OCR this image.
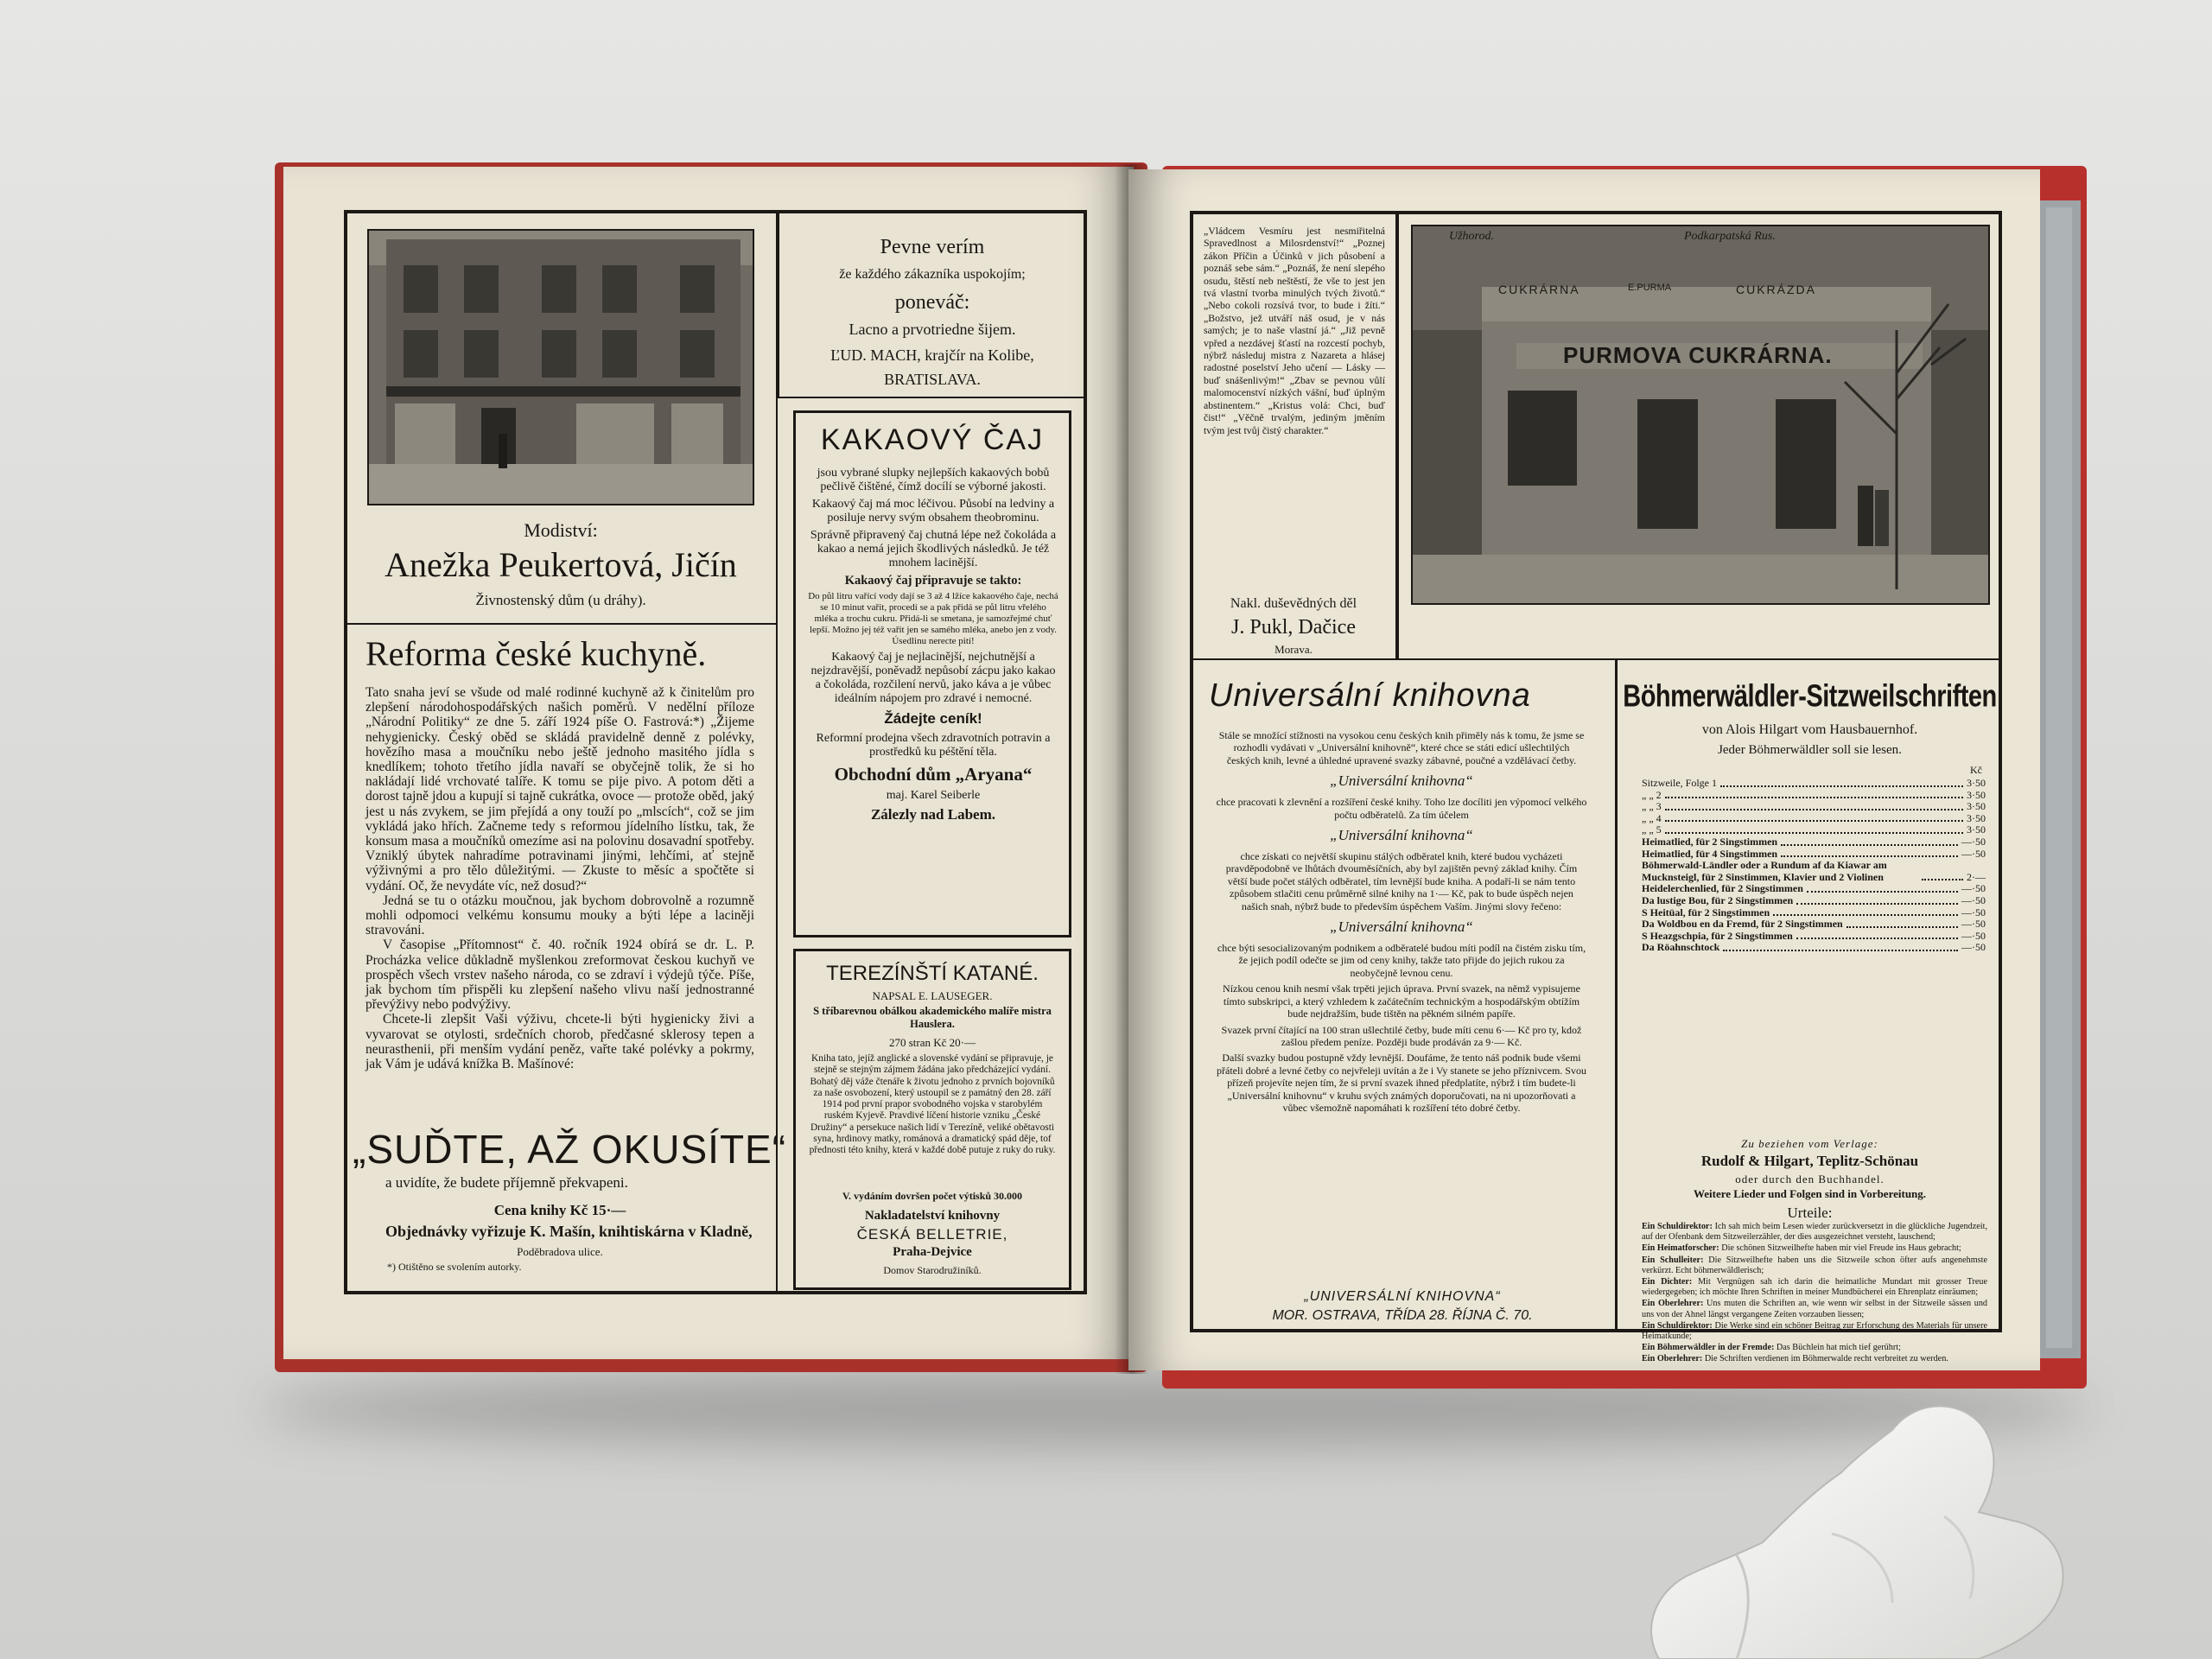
Modiství:
Anežka Peukertová, Jičín
Živnostenský dům (u dráhy).
Pevne verím
že každého zákazníka uspokojím;
poneváč:
Lacno a prvotriedne šijem.
ĽUD. MACH, krajčír na Kolibe,
BRATISLAVA.
KAKAOVÝ ČAJ

jsou vybrané slupky nejlepších kakaových bobů pečlivě čištěné, čímž docílí se výborné jakosti.

Kakaový čaj má moc léčivou. Působí na ledviny a posiluje nervy svým obsahem theobrominu.

Správně připravený čaj chutná lépe než čokoláda a kakao a nemá jejich škodlivých následků. Je též mnohem lacinější.

Kakaový čaj připravuje se takto:

Do půl litru vařící vody dají se 3 až 4 lžíce kakaového čaje, nechá se 10 minut vařit, procedí se a pak přidá se půl litru vřelého mléka a trochu cukru. Přidá-li se smetana, je samozřejmé chuť lepší. Možno jej též vařit jen se samého mléka, anebo jen z vody. Úsedlinu nerecte pití!

Kakaový čaj je nejlacinější, nejchutnější a nejzdravější, poněvadž nepůsobí zácpu jako kakao a čokoláda, rozčilení nervů, jako káva a je vůbec ideálním nápojem pro zdravé i nemocné.

Žádejte ceník!

Reformní prodejna všech zdravotních potravin a prostředků ku péštění těla.

Obchodní dům „Aryana“

maj. Karel Seiberle

Zálezly nad Labem.

Reforma české kuchyně.

Tato snaha jeví se všude od malé rodinné kuchyně až k činitelům pro zlepšení národohospodářských našich poměrů. V nedělní příloze „Národní Politiky“ ze dne 5. září 1924 píše O. Fastrová:*) „Žijeme nehygienicky. Český oběd se skládá pravidelně denně z polévky, hovězího masa a moučníku nebo ještě jednoho masitého jídla s knedlíkem; tohoto třetího jídla navaří se obyčejně tolik, že si ho nakládají lidé vrchovaté talíře. K tomu se pije pivo. A potom děti a dorost tajně jdou a kupují si tajně cukrátka, ovoce — protože oběd, jaký jest u nás zvykem, se jim přejídá a ony touží po „mlscích“, což se jim vykládá jako hřích. Začneme tedy s reformou jídelního lístku, tak, že konsum masa a moučníků omezíme asi na polovinu dosavadní spotřeby. Vzniklý úbytek nahradíme potravinami jinými, lehčími, ať stejně výživnými a pro tělo důležitými. — Zkuste to měsíc a spočtěte si vydání. Oč, že nevydáte víc, než dosud?“

Jedná se tu o otázku moučnou, jak bychom dobrovolně a rozumně mohli odpomoci velkému konsumu mouky a býti lépe a laciněji stravováni.

V časopise „Přítomnost“ č. 40. ročník 1924 obírá se dr. L. P. Procházka velice důkladně myšlenkou zreformovat českou kuchyň ve prospěch všech vrstev našeho národa, co se zdraví i výdejů týče. Píše, jak bychom tím přispěli ku zlepšení našeho vlivu naší jednostranné převýživy nebo podvýživy.

Chcete-li zlepšit Vaši výživu, chcete-li býti hygienicky živi a vyvarovat se otylosti, srdečních chorob, předčasné sklerosy tepen a neurasthenii, při menším vydání peněz, vařte také polévky a pokrmy, jak Vám je udává knížka B. Mašínové:

„SUĎTE, AŽ OKUSÍTE“
a uvidíte, že budete příjemně překvapeni.
Cena knihy Kč 15·—
Objednávky vyřizuje K. Mašín, knihtiskárna v Kladně,
Poděbradova ulice.
*) Otištěno se svolením autorky.
TEREZÍNŠTÍ KATANÉ.
NAPSAL E. LAUSEGER.
S tříbarevnou obálkou akademického malíře mistra Hauslera.
270 stran Kč 20·—
Kniha tato, jejíž anglické a slovenské vydání se připravuje, je stejně se stejným zájmem žádána jako předcházející vydání. Bohatý děj váže čtenáře k životu jednoho z prvních bojovníků za naše osvobození, který ustoupil se z památný den 28. září 1914 pod první prapor svobodného vojska v starobylém ruském Kyjevě. Pravdivé líčení historie vzniku „České Družiny“ a persekuce našich lidí v Terezíně, veliké obětavosti syna, hrdinovy matky, románová a dramatický spád děje, tof přednosti této knihy, která v každé době putuje z ruky do ruky.
V. vydáním dovršen počet výtisků 30.000
Nakladatelství knihovny
ČESKÁ BELLETRIE,
Praha-Dejvice
Domov Starodružiníků.
„Vládcem Vesmíru jest nesmiřitelná Spravedlnost a Milosrdenství!“ „Poznej zákon Příčin a Účinků v jich působení a poznáš sebe sám.“ „Poznáš, že není slepého osudu, štěstí neb neštěstí, že vše to jest jen tvá vlastní tvorba minulých tvých životů.“ „Nebo cokoli rozsívá tvor, to bude i žíti.“ „Božstvo, jež utváří náš osud, je v nás samých; je to naše vlastní já.“ „Již pevně vpřed a nezdávej šťastí na rozcestí pochyb, nýbrž následuj mistra z Nazareta a hlásej radostné poselství Jeho učení — Lásky — buď snášenlivým!“ „Zbav se pevnou vůlí malomocenství nízkých vášní, buď úplným abstinentem.“ „Kristus volá: Chci, buď čist!“ „Věčně trvalým, jediným jměním tvým jest tvůj čistý charakter.“
Nakl. duševědných děl
J. Pukl, Dačice
Morava.
Užhorod.	Podkarpatská Rus.
CUKRÁRNA	E.PURMA	CUKRÁZDA
PURMOVA CUKRÁRNA.
Universální knihovna

Stále se množící stížnosti na vysokou cenu českých knih přiměly nás k tomu, že jsme se rozhodli vydávati v „Universální knihovně“, které chce se státi edicí ušlechtilých českých knih, levné a úhledné upravené svazky zábavné, poučné a vzdělávací četby.

„Universální knihovna“

chce pracovati k zlevnění a rozšíření české knihy. Toho lze docíliti jen výpomocí velkého počtu odběratelů. Za tím účelem

„Universální knihovna“

chce získati co největší skupinu stálých odběratel knih, které budou vycházeti pravděpodobně ve lhůtách dvouměsíčních, aby byl zajištěn pevný základ knihy. Čím větší bude počet stálých odběratel, tím levnější bude kniha. A podaří-li se nám tento způsobem stlačiti cenu průměrně silné knihy na 1·— Kč, pak to bude úspěch nejen našich snah, nýbrž bude to především úspěchem Vaším. Jinými slovy řečeno:

„Universální knihovna“

chce býti sesocializovaným podnikem a odběratelé budou míti podíl na čistém zisku tím, že jejich podíl odečte se jim od ceny knihy, takže tato přijde do jejich rukou za neobyčejně levnou cenu.

Nízkou cenou knih nesmí však trpěti jejich úprava. První svazek, na němž vypisujeme tímto subskripci, a který vzhledem k začátečním technickým a hospodářským obtížím bude nejdražším, bude tištěn na pěkném silném papíře.

Svazek první čítající na 100 stran ušlechtilé četby, bude míti cenu 6·— Kč pro ty, kdož zašlou předem peníze. Později bude prodáván za 9·— Kč.

Další svazky budou postupně vždy levnější. Doufáme, že tento náš podnik bude všemi přáteli dobré a levné četby co nejvřeleji uvítán a že i Vy stanete se jeho příznivcem. Svou přízeň projevíte nejen tím, že si první svazek ihned předplatíte, nýbrž i tím budete-li „Universální knihovnu“ v kruhu svých známých doporučovati, na ni upozorňovati a vůbec všemožně napomáhati k rozšíření této dobré četby.

„UNIVERSÁLNÍ KNIHOVNA“
MOR. OSTRAVA, TŘÍDA 28. ŘÍJNA Č. 70.
Böhmerwäldler-Sitzweilschriften
von Alois Hilgart vom Hausbauernhof.
Jeder Böhmerwäldler soll sie lesen.
Kč
Sitzweile, Folge 1	3·50
„ „ 2	3·50
„ „ 3	3·50
„ „ 4	3·50
„ „ 5	3·50
Heimatlied, für 2 Singstimmen	—·50
Heimatlied, für 4 Singstimmen	—·50
Böhmerwald-Ländler oder a Rundum af da Kiawar am Mucknsteigl, für 2 Sinstimmen, Klavier und 2 Violinen	2·—
Heidelerchenlied, für 2 Singstimmen	—·50
Da lustige Bou, für 2 Singstimmen	—·50
S Heitüal, für 2 Singstimmen	—·50
Da Woldbou en da Fremd, für 2 Singstimmen	—·50
S Heazgschpia, für 2 Singstimmen	—·50
Da Röahnschtock	—·50
Zu beziehen vom Verlage:
Rudolf & Hilgart, Teplitz-Schönau
oder durch den Buchhandel.
Weitere Lieder und Folgen sind in Vorbereitung.
Urteile:
Ein Schuldirektor: Ich sah mich beim Lesen wieder zurückversetzt in die glückliche Jugendzeit, auf der Ofenbank dem Sitzweilerzähler, der dies ausgezeichnet versteht, lauschend;
Ein Heimatforscher: Die schönen Sitzweilhefte haben mir viel Freude ins Haus gebracht;
Ein Schulleiter: Die Sitzweilhefte haben uns die Sitzweile schon öfter aufs angenehmste verkürzt. Echt böhmerwäldlerisch;
Ein Dichter: Mit Vergnügen sah ich darin die heimatliche Mundart mit grosser Treue wiedergegeben; ich möchte Ihren Schriften in meiner Mundbücherei ein Ehrenplatz einräumen;
Ein Oberlehrer: Uns muten die Schriften an, wie wenn wir selbst in der Sitzweile sässen und uns von der Ahnel längst vergangene Zeiten vorzauben liessen;
Ein Schuldirektor: Die Werke sind ein schöner Beitrag zur Erforschung des Materials für unsere Heimatkunde;
Ein Böhmerwäldler in der Fremde: Das Büchlein hat mich tief gerührt;
Ein Oberlehrer: Die Schriften verdienen im Böhmerwalde recht verbreitet zu werden.
